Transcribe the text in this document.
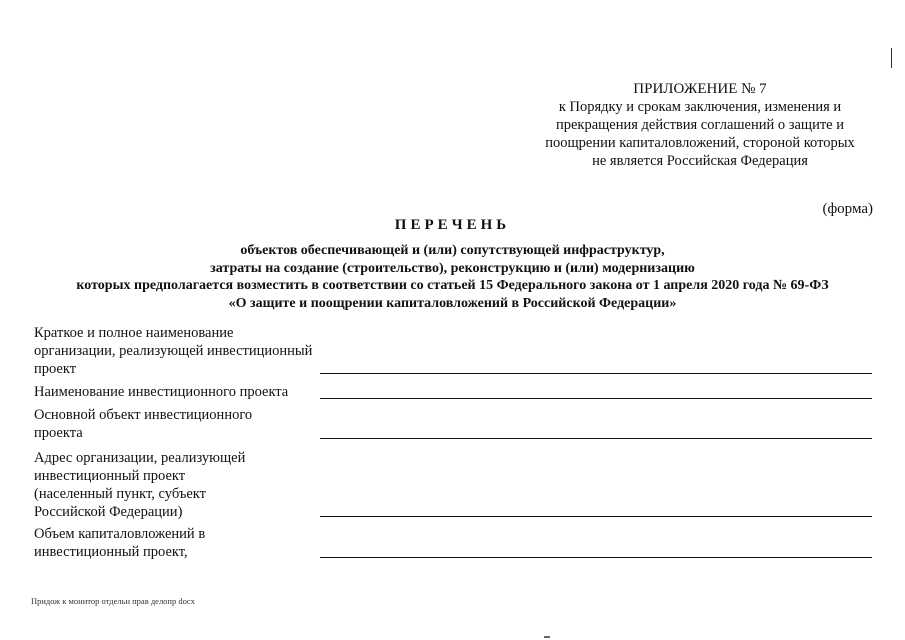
ПРИЛОЖЕНИЕ № 7
к Порядку и срокам заключения, изменения и
прекращения действия соглашений о защите и
поощрении капиталовложений, стороной которых
не является Российская Федерация
(форма)
ПЕРЕЧЕНЬ
объектов обеспечивающей и (или) сопутствующей инфраструктур,
затраты на создание (строительство), реконструкцию и (или) модернизацию
которых предполагается возместить в соответствии со статьей 15 Федерального закона от 1 апреля 2020 года № 69-ФЗ
«О защите и поощрении капиталовложений в Российской Федерации»
Краткое и полное наименование организации, реализующей инвестиционный проект
Наименование инвестиционного проекта
Основной объект инвестиционного проекта
Адрес организации, реализующей инвестиционный проект (населенный пункт, субъект Российской Федерации)
Объем капиталовложений в инвестиционный проект,
Придож к монитор отдельн прав делопр docx
